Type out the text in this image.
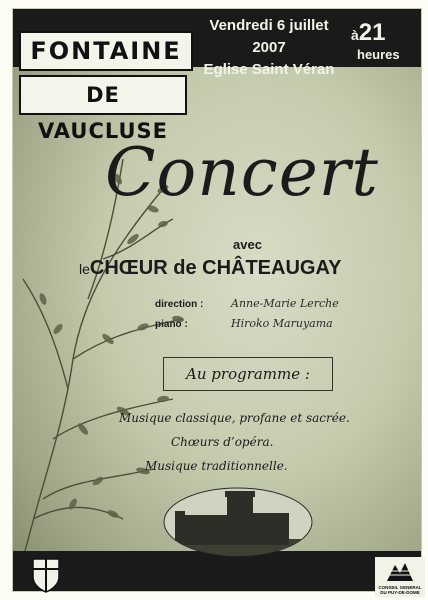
FONTAINE
DE VAUCLUSE
Vendredi 6 juillet 2007
Eglise Saint Véran
à21
heures
Concert
avec
leCHŒUR de CHÂTEAUGAY
direction :	Anne-Marie Lerche
piano :	Hiroko Maruyama
Au programme :
Musique classique, profane et sacrée.
Chœurs d’opéra.
Musique traditionnelle.
CONSEIL GENERAL DU PUY-DE-DOME
